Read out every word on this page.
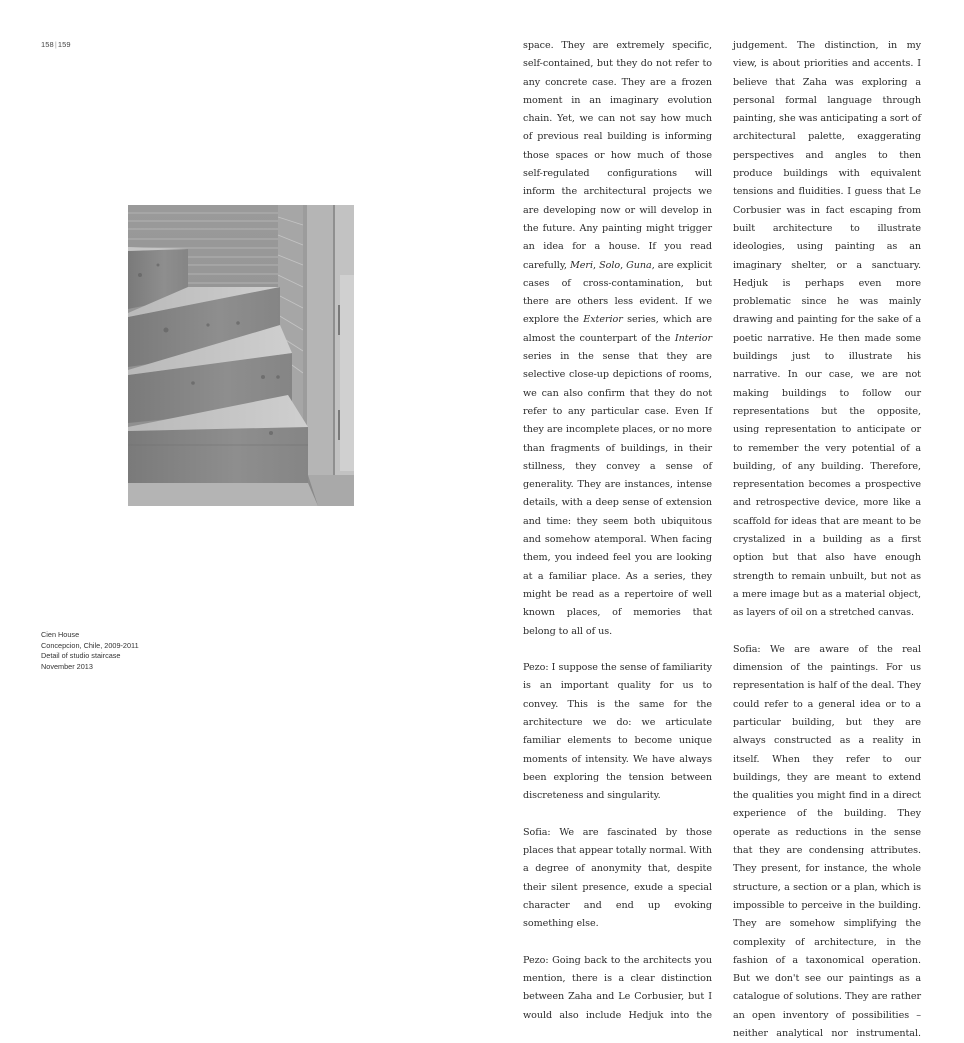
158|159
Cien House
Concepcion, Chile, 2009-2011
Detail of studio staircase
November 2013

space. They are extremely specific, self-contained, but they do not refer to any concrete case. They are a frozen moment in an imaginary evolution chain. Yet, we can not say how much of previous real building is informing those spaces or how much of those self-regulated configurations will inform the architectural projects we are developing now or will develop in the future. Any painting might trigger an idea for a house. If you read carefully, Meri, Solo, Guna, are explicit cases of cross-contamination, but there are others less evident. If we explore the Exterior series, which are almost the counterpart of the Interior series in the sense that they are selective close-up depictions of rooms, we can also confirm that they do not refer to any particular case. Even If they are incomplete places, or no more than fragments of buildings, in their stillness, they convey a sense of generality. They are instances, intense details, with a deep sense of extension and time: they seem both ubiquitous and somehow atemporal. When facing them, you indeed feel you are looking at a familiar place. As a series, they might be read as a repertoire of well known places, of memories that belong to all of us.

Pezo: I suppose the sense of familiarity is an important quality for us to convey. This is the same for the architecture we do: we articulate familiar elements to become unique moments of intensity. We have always been exploring the tension between discreteness and singularity.

Sofia: We are fascinated by those places that appear totally normal. With a degree of anonymity that, despite their silent presence, exude a special character and end up evoking something else.

Pezo: Going back to the architects you mention, there is a clear distinction between Zaha and Le Corbusier, but I would also include Hedjuk into the

judgement. The distinction, in my view, is about priorities and accents. I believe that Zaha was exploring a personal formal language through painting, she was anticipating a sort of architectural palette, exaggerating perspectives and angles to then produce buildings with equivalent tensions and fluidities. I guess that Le Corbusier was in fact escaping from built architecture to illustrate ideologies, using painting as an imaginary shelter, or a sanctuary. Hedjuk is perhaps even more problematic since he was mainly drawing and painting for the sake of a poetic narrative. He then made some buildings just to illustrate his narrative. In our case, we are not making buildings to follow our representations but the opposite, using representation to anticipate or to remember the very potential of a building, of any building. Therefore, representation becomes a prospective and retrospective device, more like a scaffold for ideas that are meant to be crystalized in a building as a first option but that also have enough strength to remain unbuilt, but not as a mere image but as a material object, as layers of oil on a stretched canvas.

Sofia: We are aware of the real dimension of the paintings. For us representation is half of the deal. They could refer to a general idea or to a particular building, but they are always constructed as a reality in itself. When they refer to our buildings, they are meant to extend the qualities you might find in a direct experience of the building. They operate as reductions in the sense that they are condensing attributes. They present, for instance, the whole structure, a section or a plan, which is impossible to perceive in the building. They are somehow simplifying the complexity of architecture, in the fashion of a taxonomical operation. But we don't see our paintings as a catalogue of solutions. They are rather an open inventory of possibilities – neither analytical nor instrumental.
